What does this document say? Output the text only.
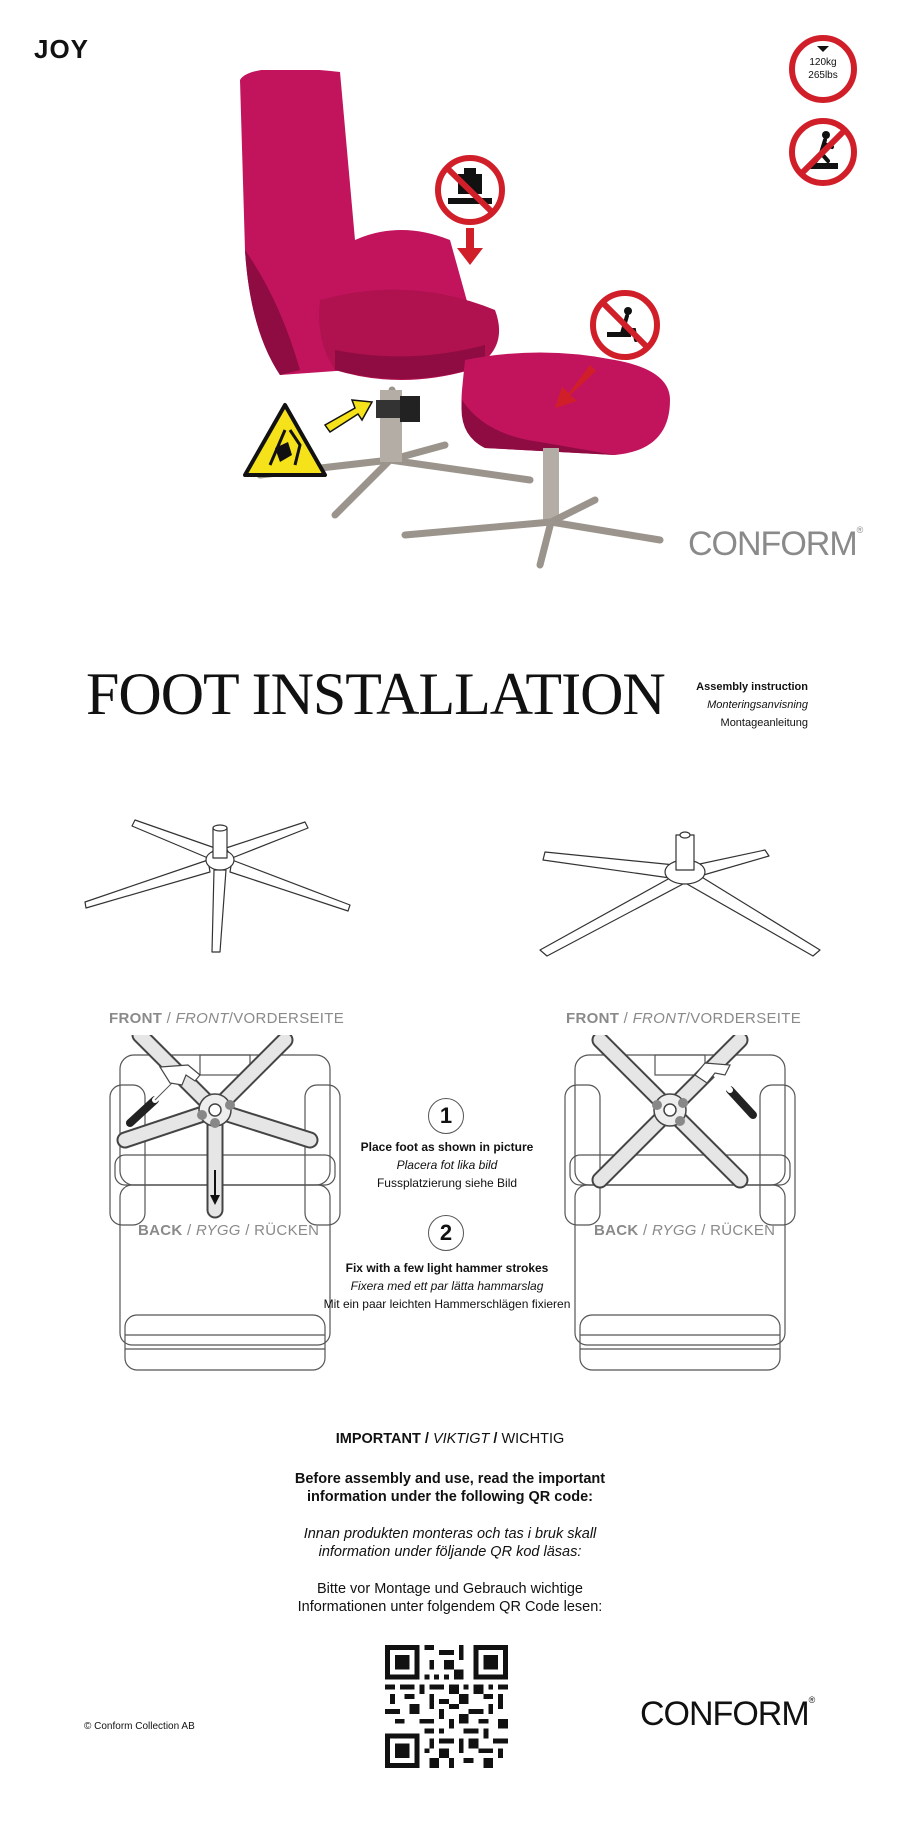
JOY	120kg
265lbs
CONFORM®
FOOT INSTALLATION	Assembly instruction
Monteringsanvisning
Montageanleitung
FRONT / FRONT/VORDERSEITE	FRONT / FRONT/VORDERSEITE
BACK / RYGG / RÜCKEN	BACK / RYGG / RÜCKEN
1
Place foot as shown in picture
Placera fot lika bild
Fussplatzierung siehe Bild
2
Fix with a few light hammer strokes
Fixera med ett par lätta hammarslag
Mit ein paar leichten Hammerschlägen fixieren
IMPORTANT / VIKTIGT / WICHTIG
Before assembly and use, read the important
information under the following QR code:
Innan produkten monteras och tas i bruk skall
information under följande QR kod läsas:
Bitte vor Montage und Gebrauch wichtige
Informationen unter folgendem QR Code lesen:
© Conform Collection AB	CONFORM®
